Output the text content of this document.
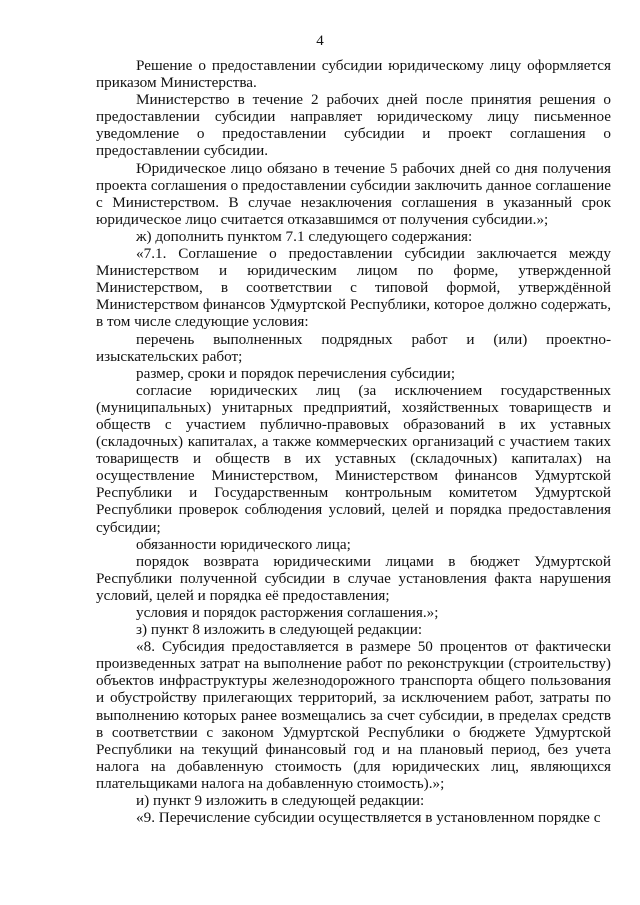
4

Решение о предоставлении субсидии юридическому лицу оформляется приказом Министерства.

Министерство в течение 2 рабочих дней после принятия решения о предоставлении субсидии направляет юридическому лицу письменное уведомление о предоставлении субсидии и проект соглашения о предоставлении субсидии.

Юридическое лицо обязано в течение 5 рабочих дней со дня получения проекта соглашения о предоставлении субсидии заключить данное соглашение с Министерством. В случае незаключения соглашения в указанный срок юридическое лицо считается отказавшимся от получения субсидии.»;

ж) дополнить пунктом 7.1 следующего содержания:

«7.1. Соглашение о предоставлении субсидии заключается между Министерством и юридическим лицом по форме, утвержденной Министерством, в соответствии с типовой формой, утверждённой Министерством финансов Удмуртской Республики, которое должно содержать, в том числе следующие условия:

перечень выполненных подрядных работ и (или) проектно-изыскательских работ;

размер, сроки и порядок перечисления субсидии;

согласие юридических лиц (за исключением государственных (муниципальных) унитарных предприятий, хозяйственных товариществ и обществ с участием публично-правовых образований в их уставных (складочных) капиталах, а также коммерческих организаций с участием таких товариществ и обществ в их уставных (складочных) капиталах) на осуществление Министерством, Министерством финансов Удмуртской Республики и Государственным контрольным комитетом Удмуртской Республики проверок соблюдения условий, целей и порядка предоставления субсидии;

обязанности юридического лица;

порядок возврата юридическими лицами в бюджет Удмуртской Республики полученной субсидии в случае установления факта нарушения условий, целей и порядка её предоставления;

условия и порядок расторжения соглашения.»;

з) пункт 8 изложить в следующей редакции:

«8. Субсидия предоставляется в размере 50 процентов от фактически произведенных затрат на выполнение работ по реконструкции (строительству) объектов инфраструктуры железнодорожного транспорта общего пользования и обустройству прилегающих территорий, за исключением работ, затраты по выполнению которых ранее возмещались за счет субсидии, в пределах средств в соответствии с законом Удмуртской Республики о бюджете Удмуртской Республики на текущий финансовый год и на плановый период, без учета налога на добавленную стоимость (для юридических лиц, являющихся плательщиками налога на добавленную стоимость).»;

и) пункт 9 изложить в следующей редакции:

«9. Перечисление субсидии осуществляется в установленном порядке с
